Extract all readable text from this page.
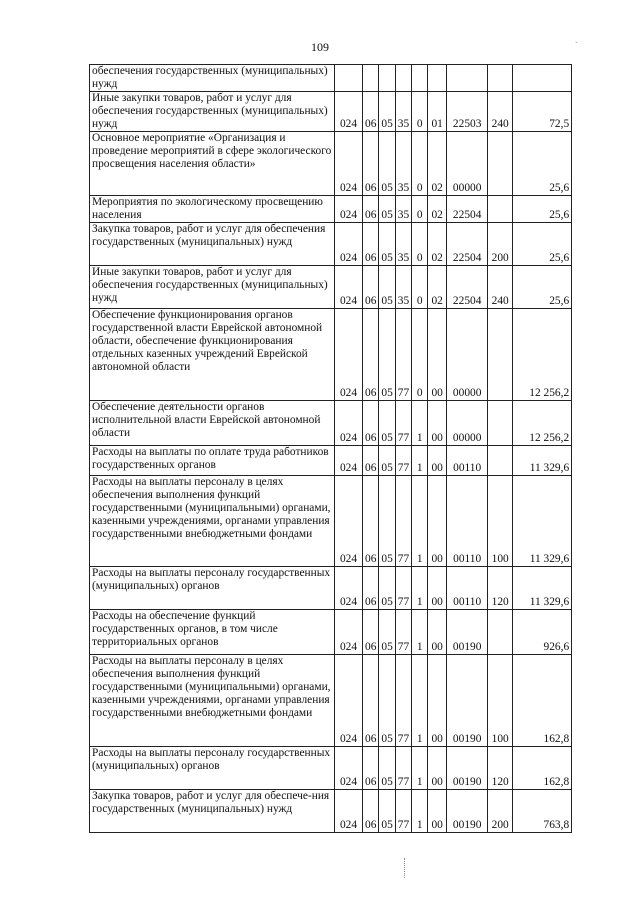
109
ˏ
обеспечения государственных (муниципальных) нужд									
Иные закупки товаров, работ и услуг для обеспечения государственных (муниципальных) нужд	024	06	05	35	0	01	22503	240	72,5
Основное мероприятие «Организация и проведение мероприятий в сфере экологического просвещения населения области»	024	06	05	35	0	02	00000		25,6
Мероприятия по экологическому просвещению населения	024	06	05	35	0	02	22504		25,6
Закупка товаров, работ и услуг для обеспечения государственных (муниципальных) нужд	024	06	05	35	0	02	22504	200	25,6
Иные закупки товаров, работ и услуг для обеспечения государственных (муниципальных) нужд	024	06	05	35	0	02	22504	240	25,6
Обеспечение функционирования органов государственной власти Еврейской автономной области, обеспечение функционирования отдельных казенных учреждений Еврейской автономной области	024	06	05	77	0	00	00000		12 256,2
Обеспечение деятельности органов исполнительной власти Еврейской автономной области	024	06	05	77	1	00	00000		12 256,2
Расходы на выплаты по оплате труда работников государственных органов	024	06	05	77	1	00	00110		11 329,6
Расходы на выплаты персоналу в целях обеспечения выполнения функций государственными (муниципальными) органами, казенными учреждениями, органами управления государственными внебюджетными фондами	024	06	05	77	1	00	00110	100	11 329,6
Расходы на выплаты персоналу государственных (муниципальных) органов	024	06	05	77	1	00	00110	120	11 329,6
Расходы на обеспечение функций государственных органов, в том числе территориальных органов	024	06	05	77	1	00	00190		926,6
Расходы на выплаты персоналу в целях обеспечения выполнения функций государственными (муниципальными) органами, казенными учреждениями, органами управления государственными внебюджетными фондами	024	06	05	77	1	00	00190	100	162,8
Расходы на выплаты персоналу государственных (муниципальных) органов	024	06	05	77	1	00	00190	120	162,8
Закупка товаров, работ и услуг для обеспече-ния государственных (муниципальных) нужд	024	06	05	77	1	00	00190	200	763,8
